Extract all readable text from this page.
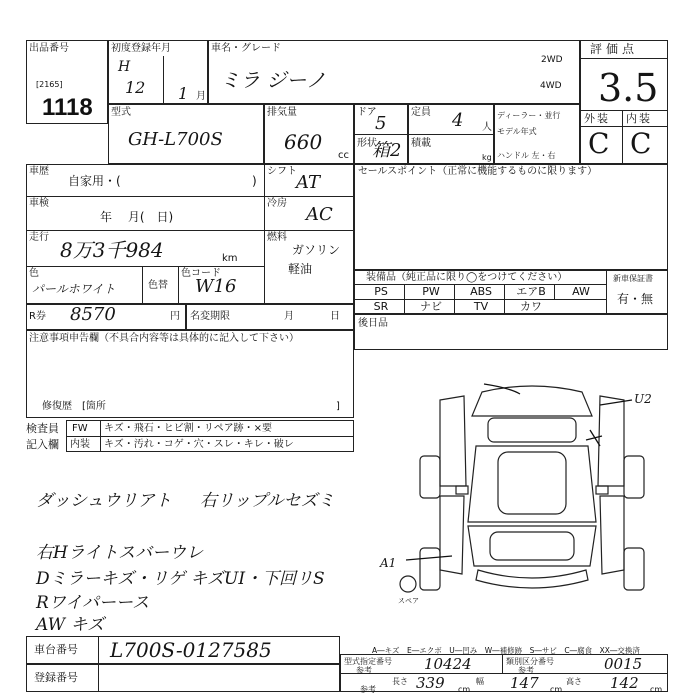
出品番号
[2165]
1118
初度登録年月
H
12 1 月
車名・グレード
ミラ ジーノ
2WD
4WD
評価点
3.5
外装 内装
C C
型式
GH-L700S
排気量
660
cc
ドア
5
形状
箱2
定員 4 人
積載
kg
ディーラー・並行
モデル年式
ハンドル 左・右
車歴
自家用・(	)
シフト
AT
車検
年　 月(　日)
冷房
AC
走行
8万3千984	km
燃料
ガソリン
軽油
色
パールホワイト	色替
色コード
W16
R券 8570	円 名変期限	月	日
セールスポイント（正常に機能するものに限ります）
装備品（純正品に限り◯をつけてください）	新車保証書
有・無
PS	PW	ABS	エアB	AW
SR	ナビ	TV	カワ
後日品
注意事項申告欄（不具合内容等は具体的に記入して下さい）
修復歴　[箇所	]
検査員
記入欄
FW キズ・飛石・ヒビ割・リペア跡・×要
内装 キズ・汚れ・コゲ・穴・スレ・キレ・破レ
ダッシュウリアト 右リップルセズミ
右Hライトスバーウレ
Dミラーキズ・リゲ キズUI・下回リS
Rワイパーース
AW キズ
U2
A1
スペア
A―キズ　E―エクボ　U―凹み　W―補修跡　S―サビ　C―腐食　XX―交換済
車台番号 L700S-0127585
登録番号
型式指定番号
参考	10424	類別区分番号
参考	0015
長さ 339 cm
幅 147 cm
高さ 142 cm
参考
